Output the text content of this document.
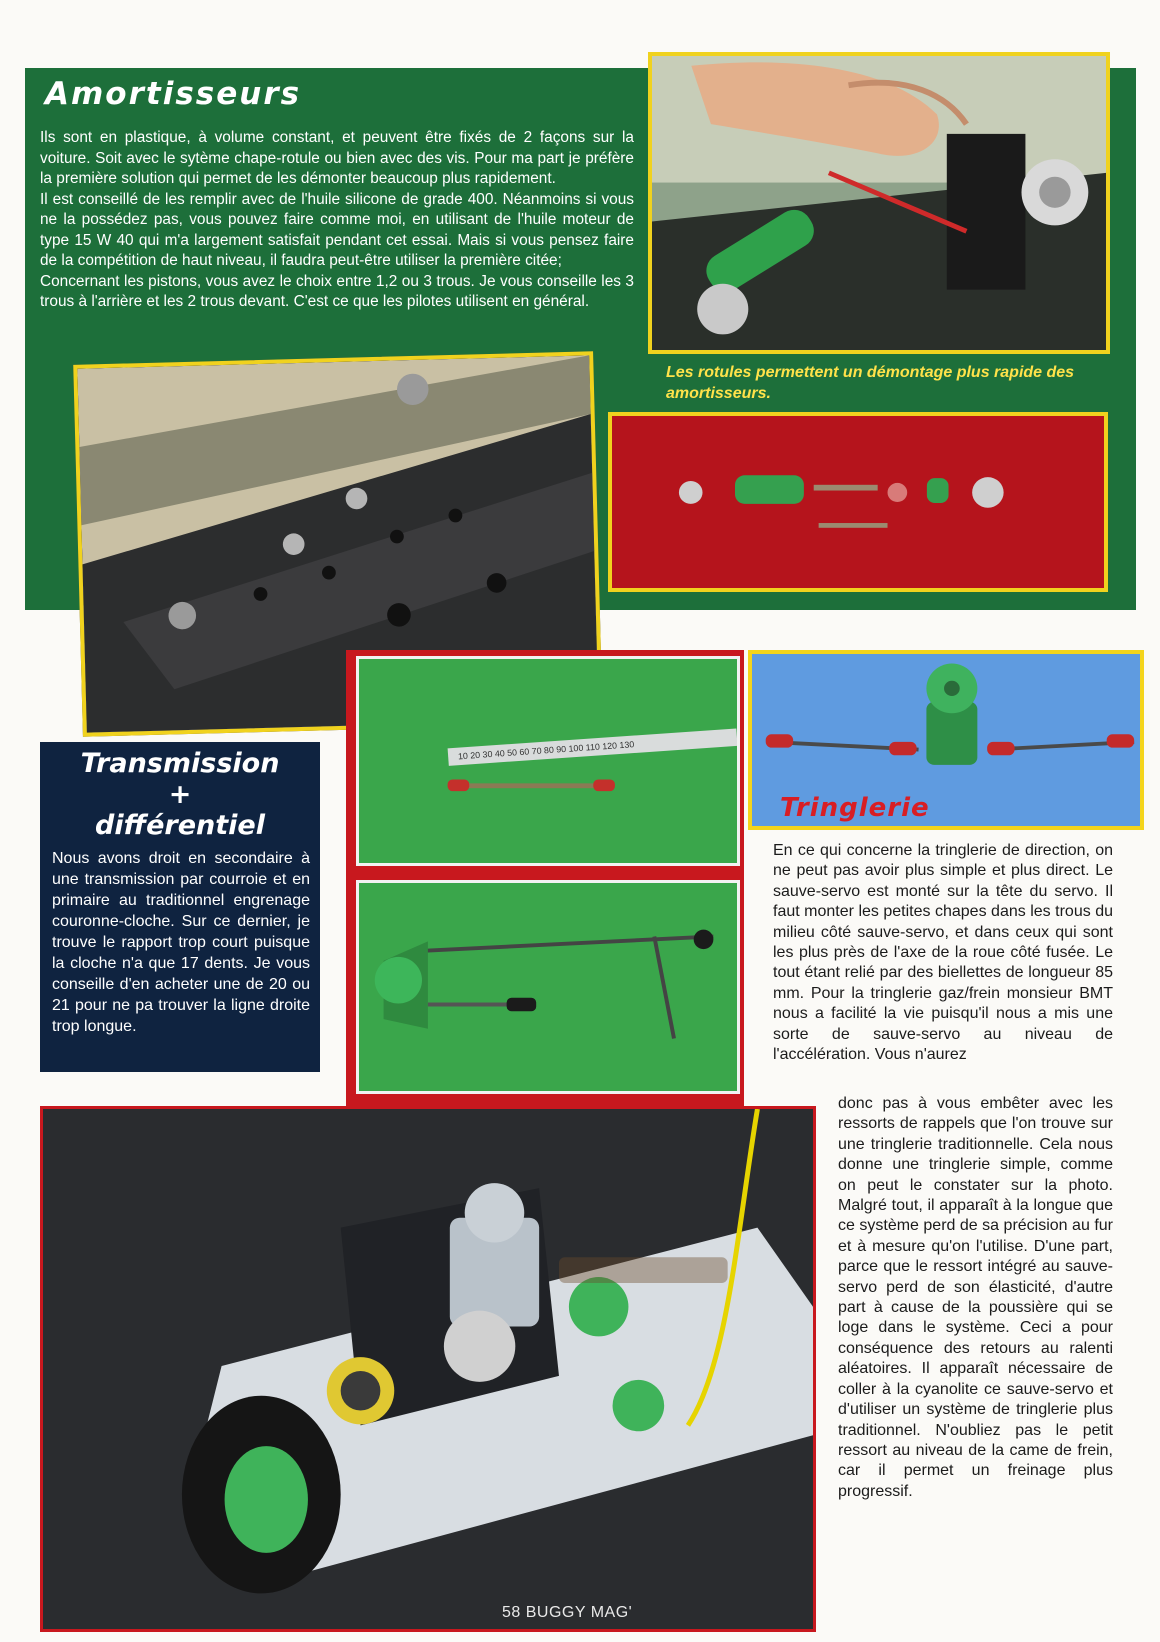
Amortisseurs

Ils sont en plastique, à volume constant, et peuvent être fixés de 2 façons sur la voiture. Soit avec le sytème chape-rotule ou bien avec des vis. Pour ma part je préfère la première solution qui permet de les démonter beaucoup plus rapidement.

Il est conseillé de les remplir avec de l'huile silicone de grade 400. Néanmoins si vous ne la possédez pas, vous pouvez faire comme moi, en utilisant de l'huile moteur de type 15 W 40 qui m'a largement satisfait pendant cet essai. Mais si vous pensez faire de la compétition de haut niveau, il faudra peut-être utiliser la première citée;

Concernant les pistons, vous avez le choix entre 1,2 ou 3 trous. Je vous conseille les 3 trous à l'arrière et les 2 trous devant. C'est ce que les pilotes utilisent en général.

Les rotules permettent un démontage plus rapide des amortisseurs.
10 20 30 40 50 60 70 80 90 100 110 120 130
Tringlerie
En ce qui concerne la tringlerie de direction, on ne peut pas avoir plus simple et plus direct. Le sauve-servo est monté sur la tête du servo. Il faut monter les petites chapes dans les trous du milieu côté sauve-servo, et dans ceux qui sont les plus près de l'axe de la roue côté fusée. Le tout étant relié par des biellettes de longueur 85 mm. Pour la tringlerie gaz/frein monsieur BMT nous a facilité la vie puisqu'il nous a mis une sorte de sauve-servo au niveau de l'accélération. Vous n'aurez
Transmission
+
différentiel
Nous avons droit en secondaire à une transmission par courroie et en primaire au traditionnel engrenage couronne-cloche. Sur ce dernier, je trouve le rapport trop court puisque la cloche n'a que 17 dents. Je vous conseille d'en acheter une de 20 ou 21 pour ne pa trouver la ligne droite trop longue.
58 BUGGY MAG'
donc pas à vous embêter avec les ressorts de rappels que l'on trouve sur une tringlerie traditionnelle. Cela nous donne une tringlerie simple, comme on peut le constater sur la photo. Malgré tout, il apparaît à la longue que ce système perd de sa précision au fur et à mesure qu'on l'utilise. D'une part, parce que le ressort intégré au sauve-servo perd de son élasticité, d'autre part à cause de la poussière qui se loge dans le système. Ceci a pour conséquence des retours au ralenti aléatoires. Il apparaît nécessaire de coller à la cyanolite ce sauve-servo et d'utiliser un système de tringlerie plus traditionnel. N'oubliez pas le petit ressort au niveau de la came de frein, car il permet un freinage plus progressif.
